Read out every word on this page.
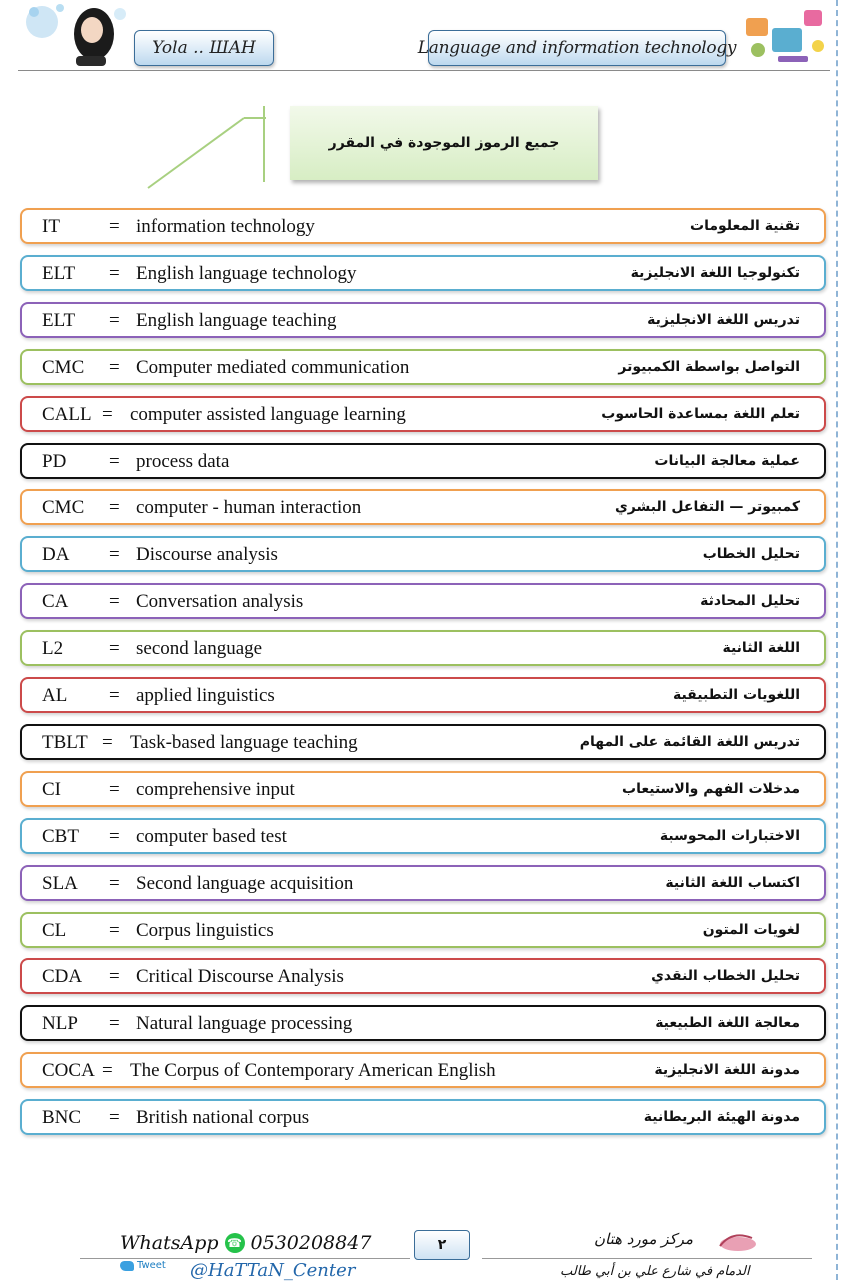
Yola .. ШAH	Language and information technology
جميع الرموز الموجودة في المقرر
IT	= information technology	تقنية المعلومات
ELT = English language technology	تكنولوجيا اللغة الانجليزية
ELT = English language teaching	تدريس اللغة الانجليزية
CMC = Computer mediated communication	التواصل بواسطة الكمبيوتر
CALL = computer assisted language learning	تعلم اللغة بمساعدة الحاسوب
PD = process data	عملية معالجة البيانات
CMC = computer - human interaction	كمبيوتر — التفاعل البشري
DA = Discourse analysis	تحليل الخطاب
CA = Conversation analysis	تحليل المحادثة
L2 = second language	اللغة الثانية
AL = applied linguistics	اللغويات التطبيقية
TBLT = Task-based language teaching	تدريس اللغة القائمة على المهام
CI	= comprehensive input	مدخلات الفهم والاستيعاب
CBT = computer based test	الاختبارات المحوسبة
SLA = Second language acquisition	اكتساب اللغة الثانية
CL = Corpus linguistics	لغويات المتون
CDA = Critical Discourse Analysis	تحليل الخطاب النقدي
NLP = Natural language processing	معالجة اللغة الطبيعية
COCA = The Corpus of Contemporary American English	مدونة اللغة الانجليزية
BNC = British national corpus	مدونة الهيئة البريطانية
WhatsApp ☎ 0530208847
Tweet @HaTTaN_Center
٢	مركز مورد هتان
الدمام في شارع علي بن أبي طالب
